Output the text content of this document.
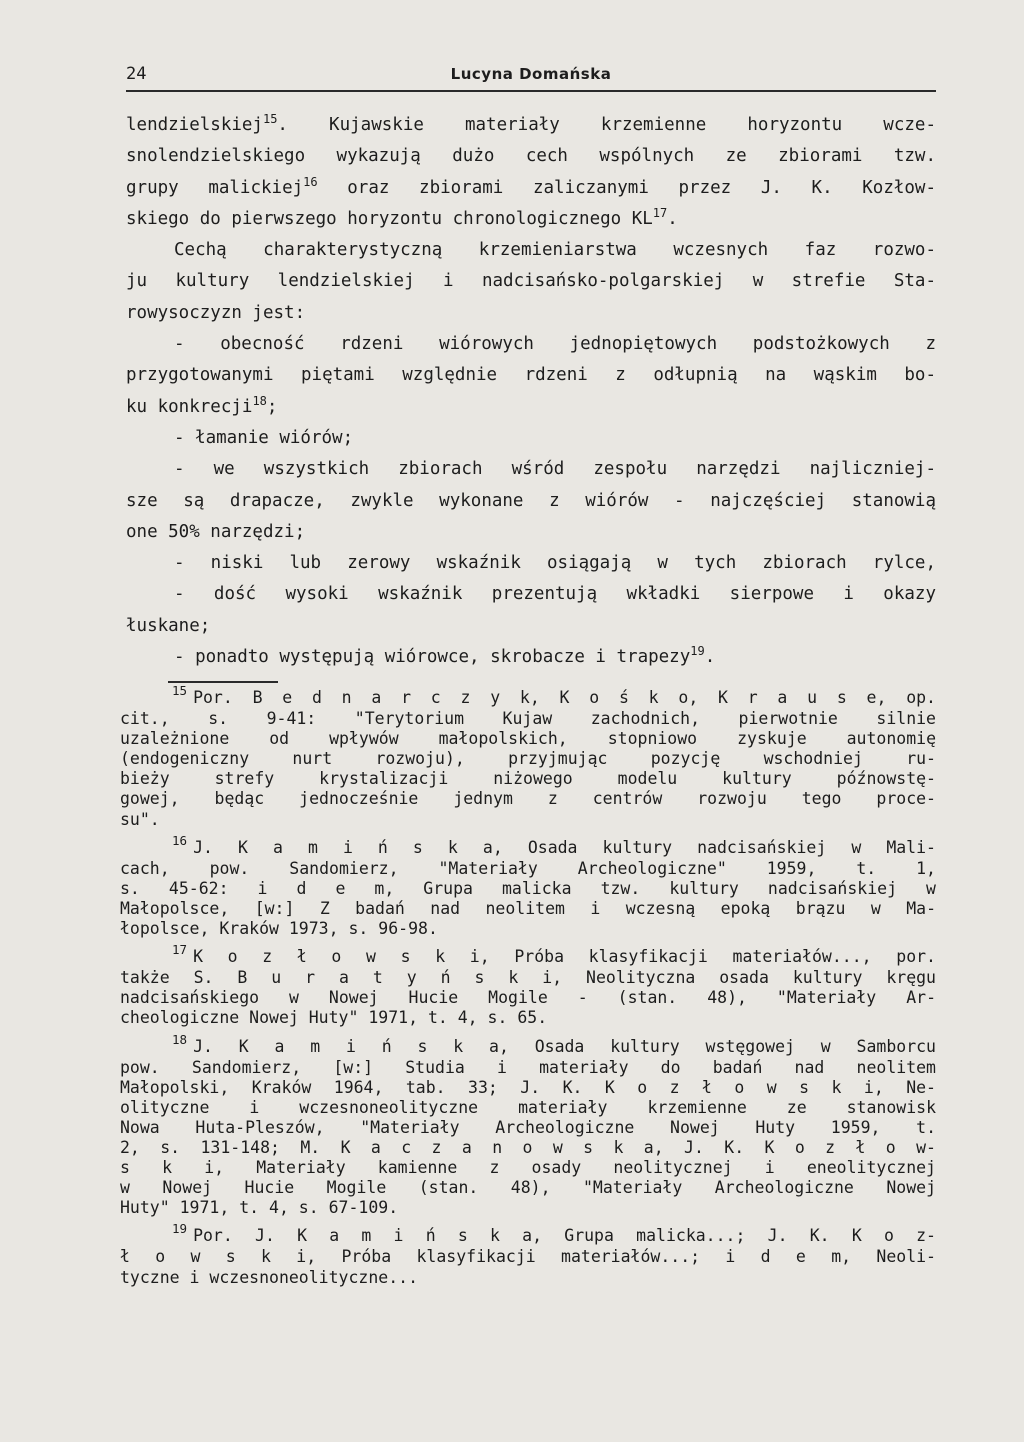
24	Lucyna Domańska
lendzielskiej$^{15}$. Kujawskie materiały krzemienne horyzontu wcze-
snolendzielskiego wykazują dużo cech wspólnych ze zbiorami tzw.
grupy malickiej$^{16}$ oraz zbiorami zaliczanymi przez J. K. Kozłow-
skiego do pierwszego horyzontu chronologicznego KL$^{17}$.
Cechą charakterystyczną krzemieniarstwa wczesnych faz rozwo-
ju kultury lendzielskiej i nadcisańsko-polgarskiej w strefie Sta-
rowysoczyzn jest:
- obecność rdzeni wiórowych jednopiętowych podstożkowych z
przygotowanymi piętami względnie rdzeni z odłupnią na wąskim bo-
ku konkrecji$^{18}$;
- łamanie wiórów;
- we wszystkich zbiorach wśród zespołu narzędzi najliczniej-
sze są drapacze, zwykle wykonane z wiórów - najczęściej stanowią
one 50% narzędzi;
- niski lub zerowy wskaźnik osiągają w tych zbiorach rylce,
- dość wysoki wskaźnik prezentują wkładki sierpowe i okazy
łuskane;
- ponadto występują wiórowce, skrobacze i trapezy$^{19}$.
$^{15}$ Por. B e d n a r c z y k, K o ś k o, K r a u s e, op.
cit., s. 9-41: "Terytorium Kujaw zachodnich, pierwotnie silnie
uzależnione od wpływów małopolskich, stopniowo zyskuje autonomię
(endogeniczny nurt rozwoju), przyjmując pozycję wschodniej ru-
bieży strefy krystalizacji niżowego modelu kultury późnowstę-
gowej, będąc jednocześnie jednym z centrów rozwoju tego proce-
su".
$^{16}$ J. K a m i ń s k a, Osada kultury nadcisańskiej w Mali-
cach, pow. Sandomierz, "Materiały Archeologiczne" 1959, t. 1,
s. 45-62: i d e m, Grupa malicka tzw. kultury nadcisańskiej w
Małopolsce, [w:] Z badań nad neolitem i wczesną epoką brązu w Ma-
łopolsce, Kraków 1973, s. 96-98.
$^{17}$ K o z ł o w s k i, Próba klasyfikacji materiałów..., por.
także S. B u r a t y ń s k i, Neolityczna osada kultury kręgu
nadcisańskiego w Nowej Hucie Mogile - (stan. 48), "Materiały Ar-
cheologiczne Nowej Huty" 1971, t. 4, s. 65.
$^{18}$ J. K a m i ń s k a, Osada kultury wstęgowej w Samborcu
pow. Sandomierz, [w:] Studia i materiały do badań nad neolitem
Małopolski, Kraków 1964, tab. 33; J. K. K o z ł o w s k i, Ne-
olityczne i wczesnoneolityczne materiały krzemienne ze stanowisk
Nowa Huta-Pleszów, "Materiały Archeologiczne Nowej Huty 1959, t.
2, s. 131-148; M. K a c z a n o w s k a, J. K. K o z ł o w-
s k i, Materiały kamienne z osady neolitycznej i eneolitycznej
w Nowej Hucie Mogile (stan. 48), "Materiały Archeologiczne Nowej
Huty" 1971, t. 4, s. 67-109.
$^{19}$ Por. J. K a m i ń s k a, Grupa malicka...; J. K. K o z-
ł o w s k i, Próba klasyfikacji materiałów...; i d e m, Neoli-
tyczne i wczesnoneolityczne...
